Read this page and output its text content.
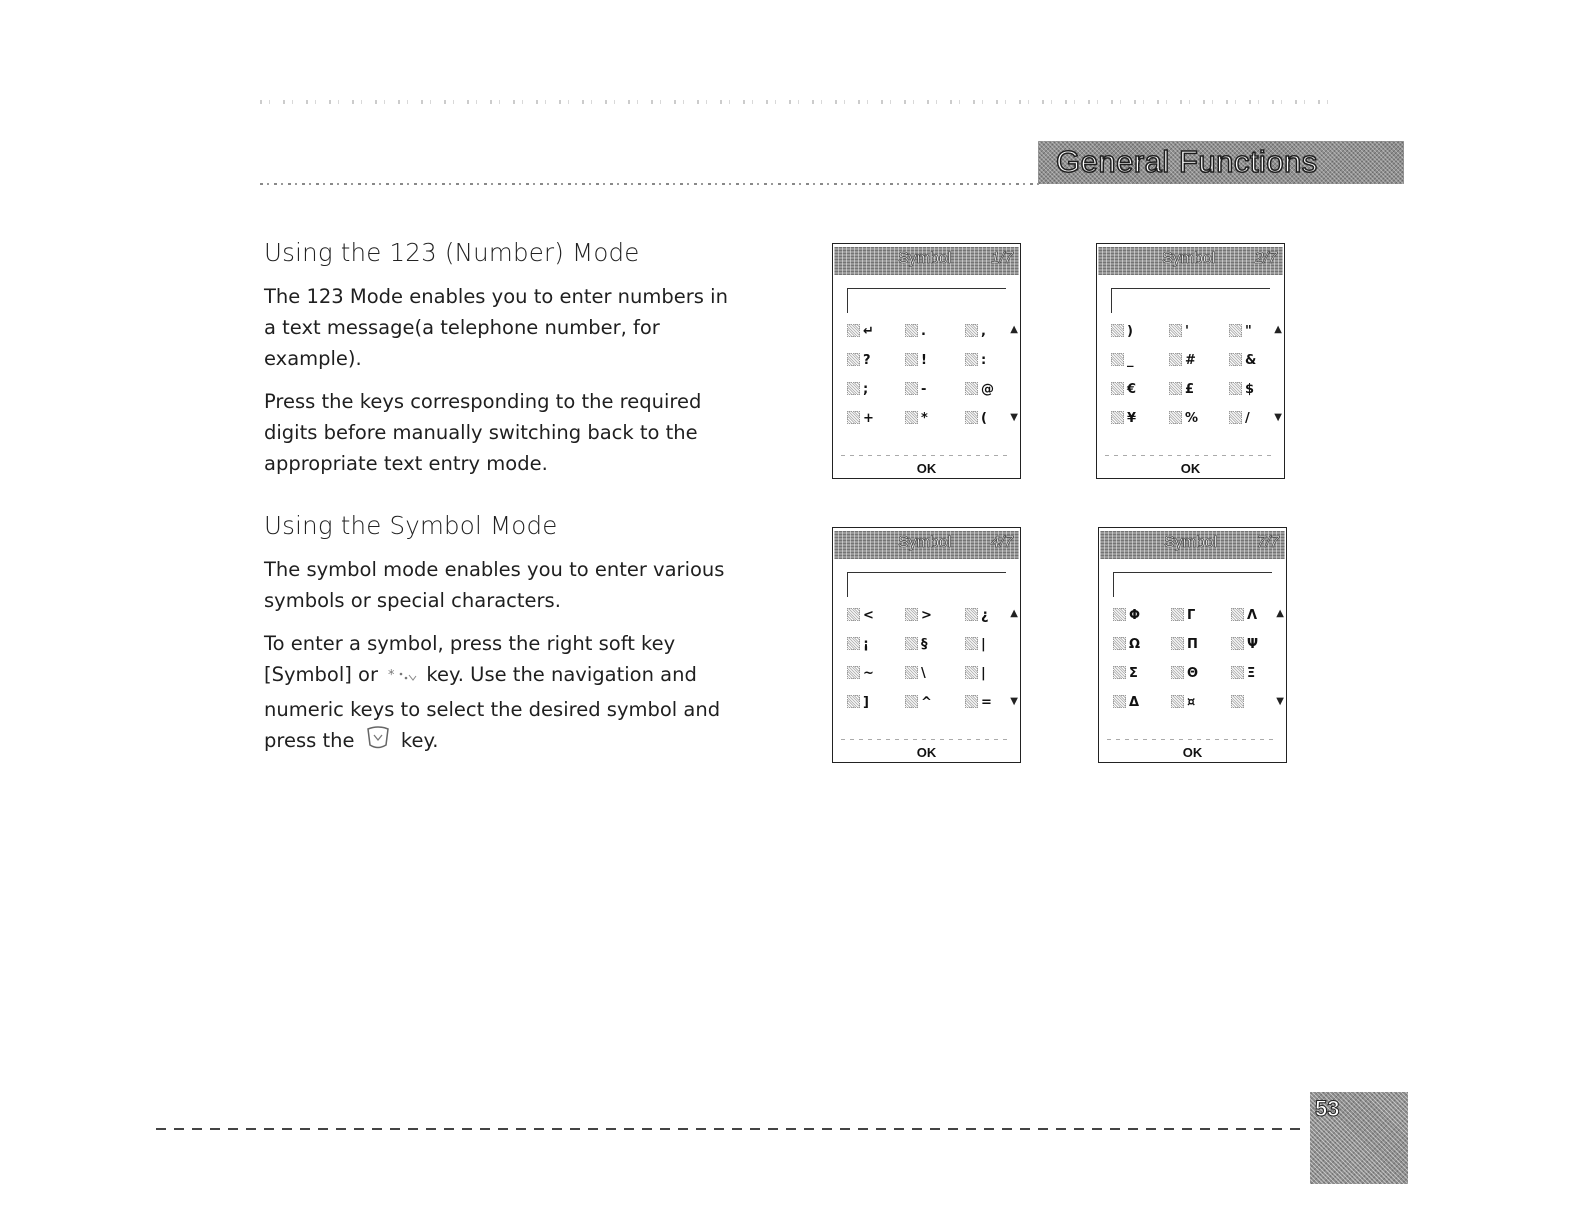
General Functions
Using the 123 (Number) Mode
The 123 Mode enables you to enter numbers in
a text message(a telephone number, for
example).
Press the keys corresponding to the required
digits before manually switching back to the
appropriate text entry mode.
Using the Symbol Mode
The symbol mode enables you to enter various
symbols or special characters.
To enter a symbol, press the right soft key
[Symbol] or * key. Use the navigation and
numeric keys to select the desired symbol and
press the key.
Symbol 1/7
↵	.	,
?	!	:
;	-	@
+	*	(
▲
▼
OK
Symbol 2/7
)	'	"
_	#	&
€	£	$
¥	%	/
▲
▼
OK
Symbol 4/7
<	>	¿
¡	§	|
~	\	|
]	^	=
▲
▼
OK
Symbol 7/7
Φ	Γ	Λ
Ω	Π	Ψ
Σ	Θ	Ξ
Δ	¤
▲
▼
OK
53
